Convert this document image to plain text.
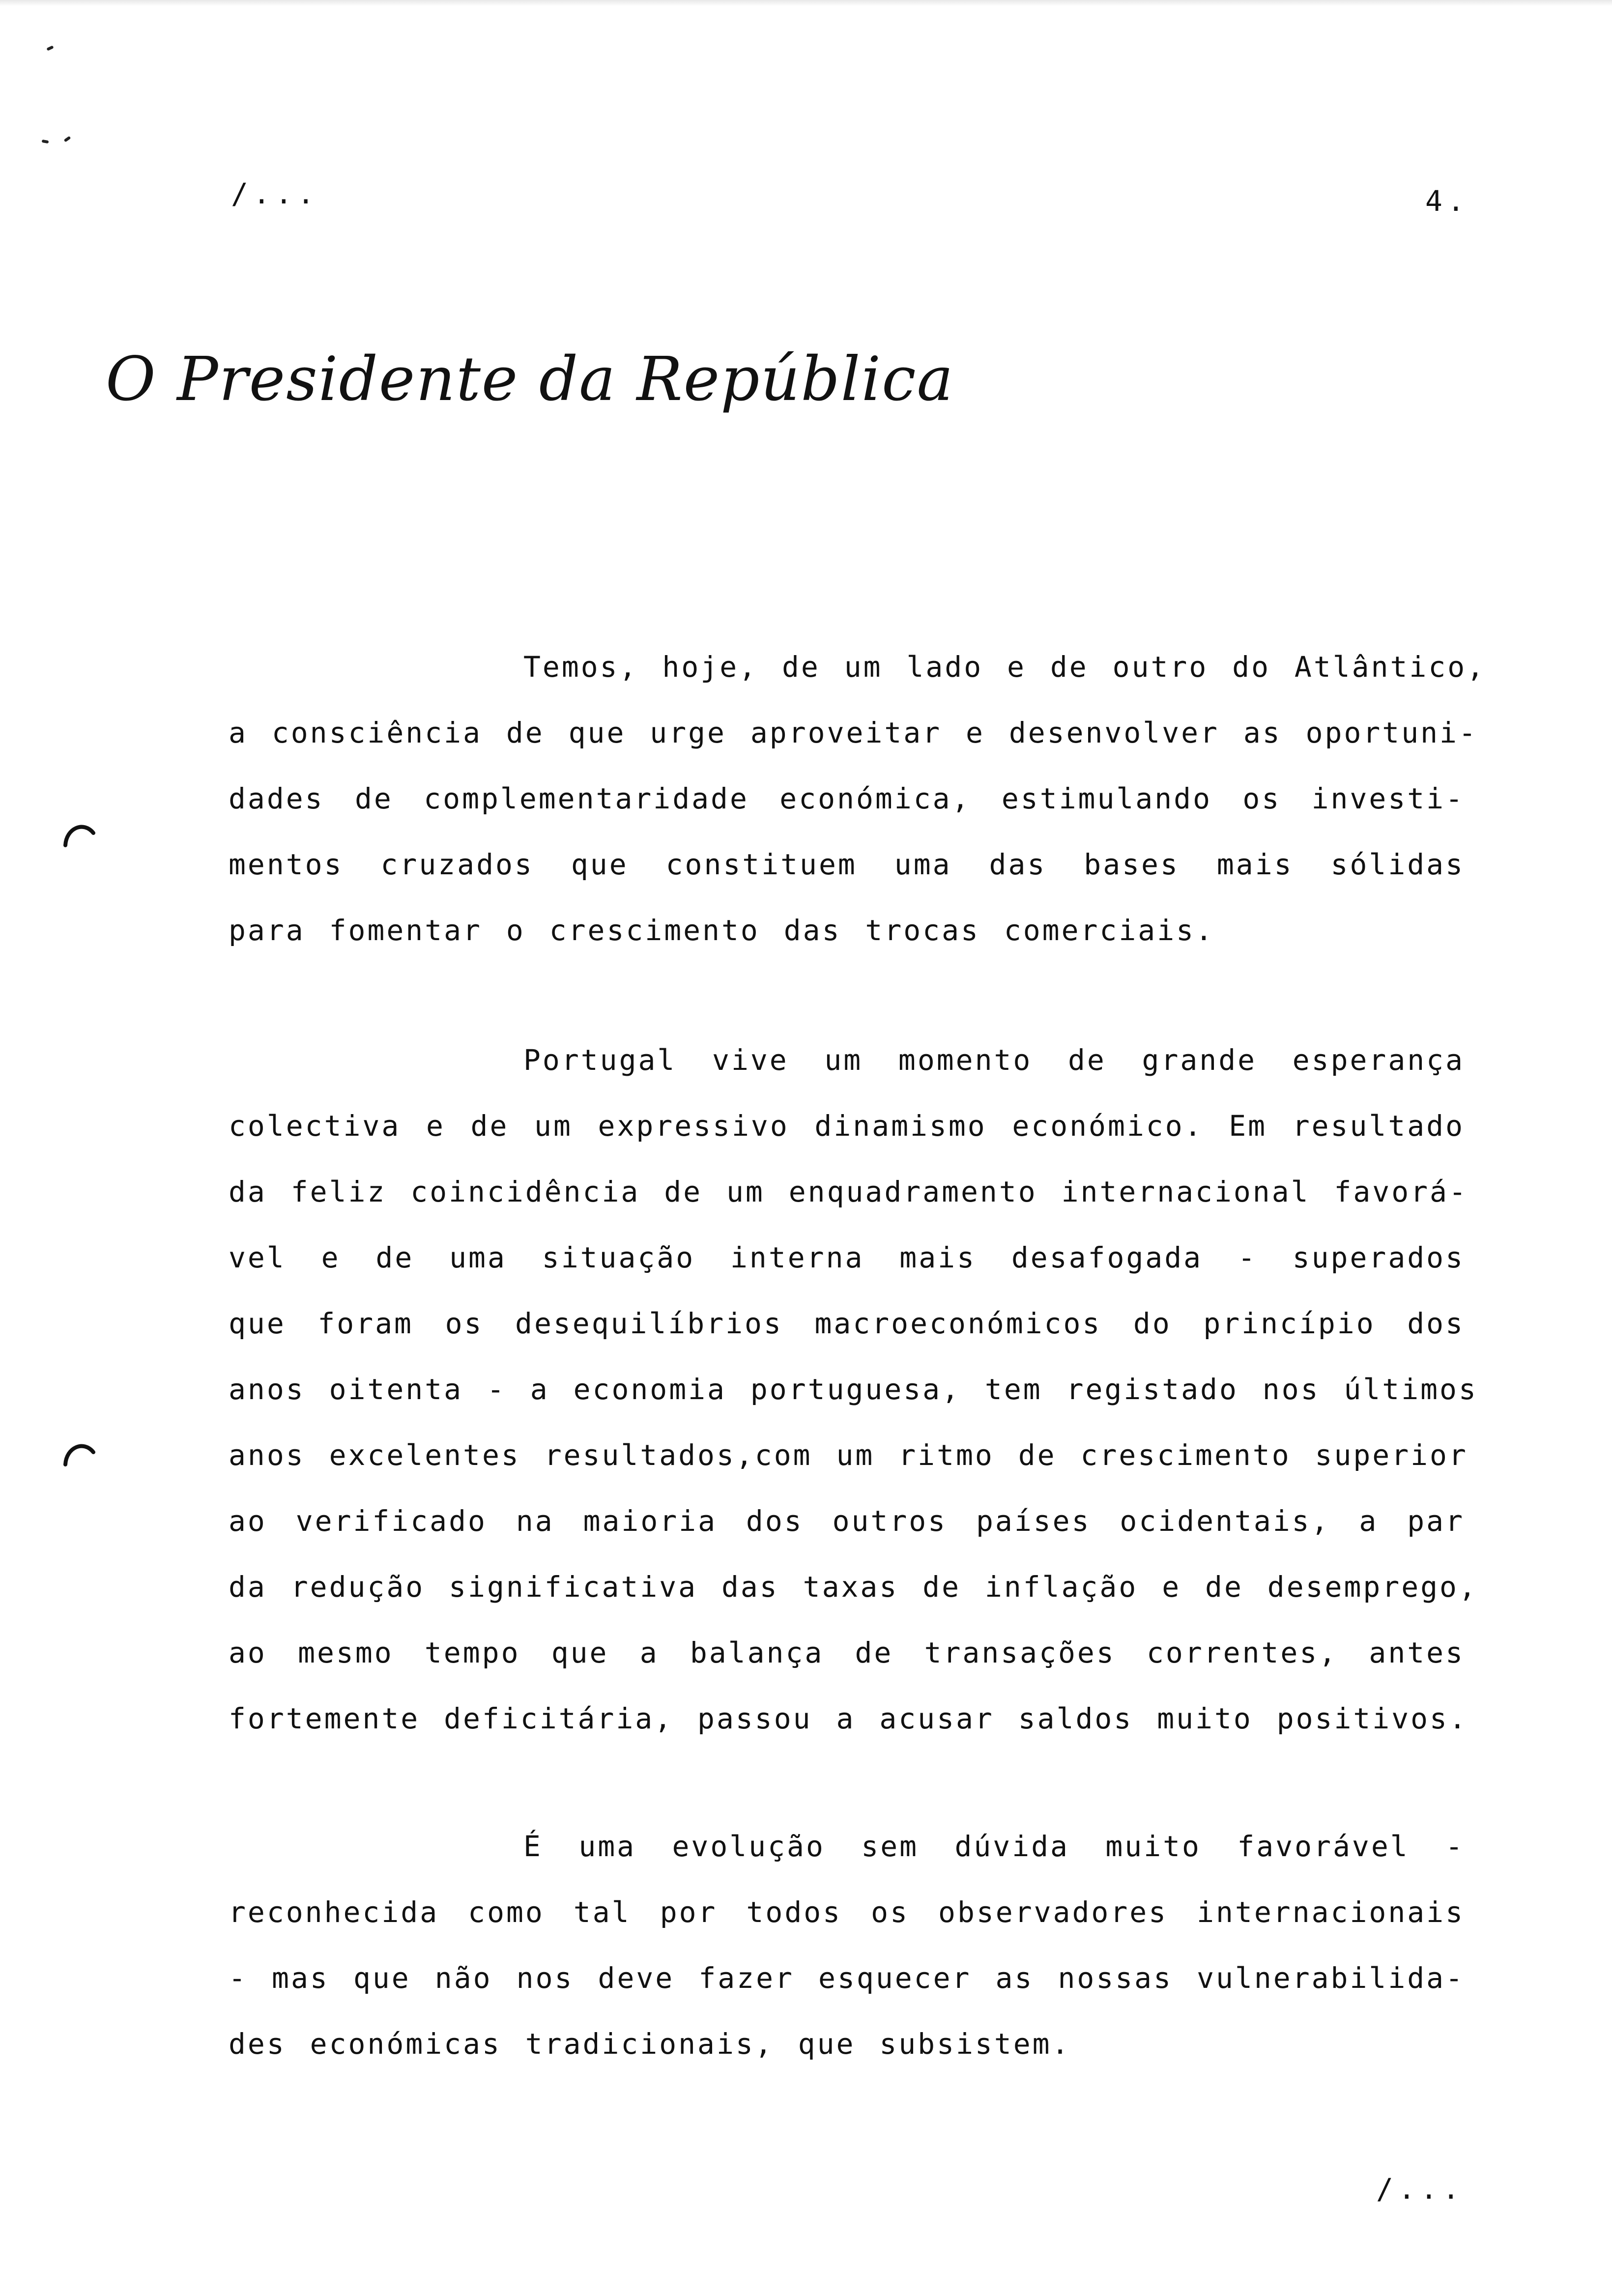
/...	4.
O Presidente da República
Temos, hoje, de um lado e de outro do Atlântico,
a consciência de que urge aproveitar e desenvolver as oportuni-
dades de complementaridade económica, estimulando os investi-
mentos cruzados que constituem uma das bases mais sólidas
para fomentar o crescimento das trocas comerciais.
Portugal vive um momento de grande esperança
colectiva e de um expressivo dinamismo económico. Em resultado
da feliz coincidência de um enquadramento internacional favorá-
vel e de uma situação interna mais desafogada - superados
que foram os desequilíbrios macroeconómicos do princípio dos
anos oitenta - a economia portuguesa, tem registado nos últimos
anos excelentes resultados,com um ritmo de crescimento superior
ao verificado na maioria dos outros países ocidentais, a par
da redução significativa das taxas de inflação e de desemprego,
ao mesmo tempo que a balança de transações correntes, antes
fortemente deficitária, passou a acusar saldos muito positivos.
É uma evolução sem dúvida muito favorável -
reconhecida como tal por todos os observadores internacionais
- mas que não nos deve fazer esquecer as nossas vulnerabilida-
des económicas tradicionais, que subsistem.
/...
